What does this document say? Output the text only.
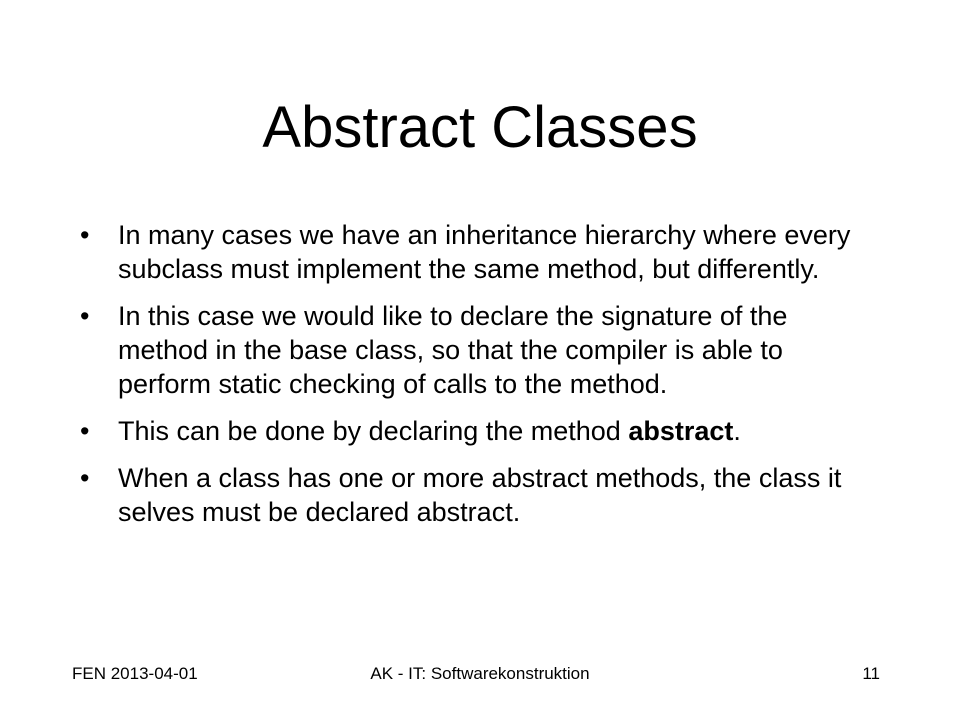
Abstract Classes
•	In many cases we have an inheritance hierarchy where every subclass must implement the same method, but differently.
•	In this case we would like to declare the signature of the method in the base class, so that the compiler is able to perform static checking of calls to the method.
•	This can be done by declaring the method abstract.
•	When a class has one or more abstract methods, the class it selves must be declared abstract.
FEN 2013-04-01	AK - IT: Softwarekonstruktion	11
